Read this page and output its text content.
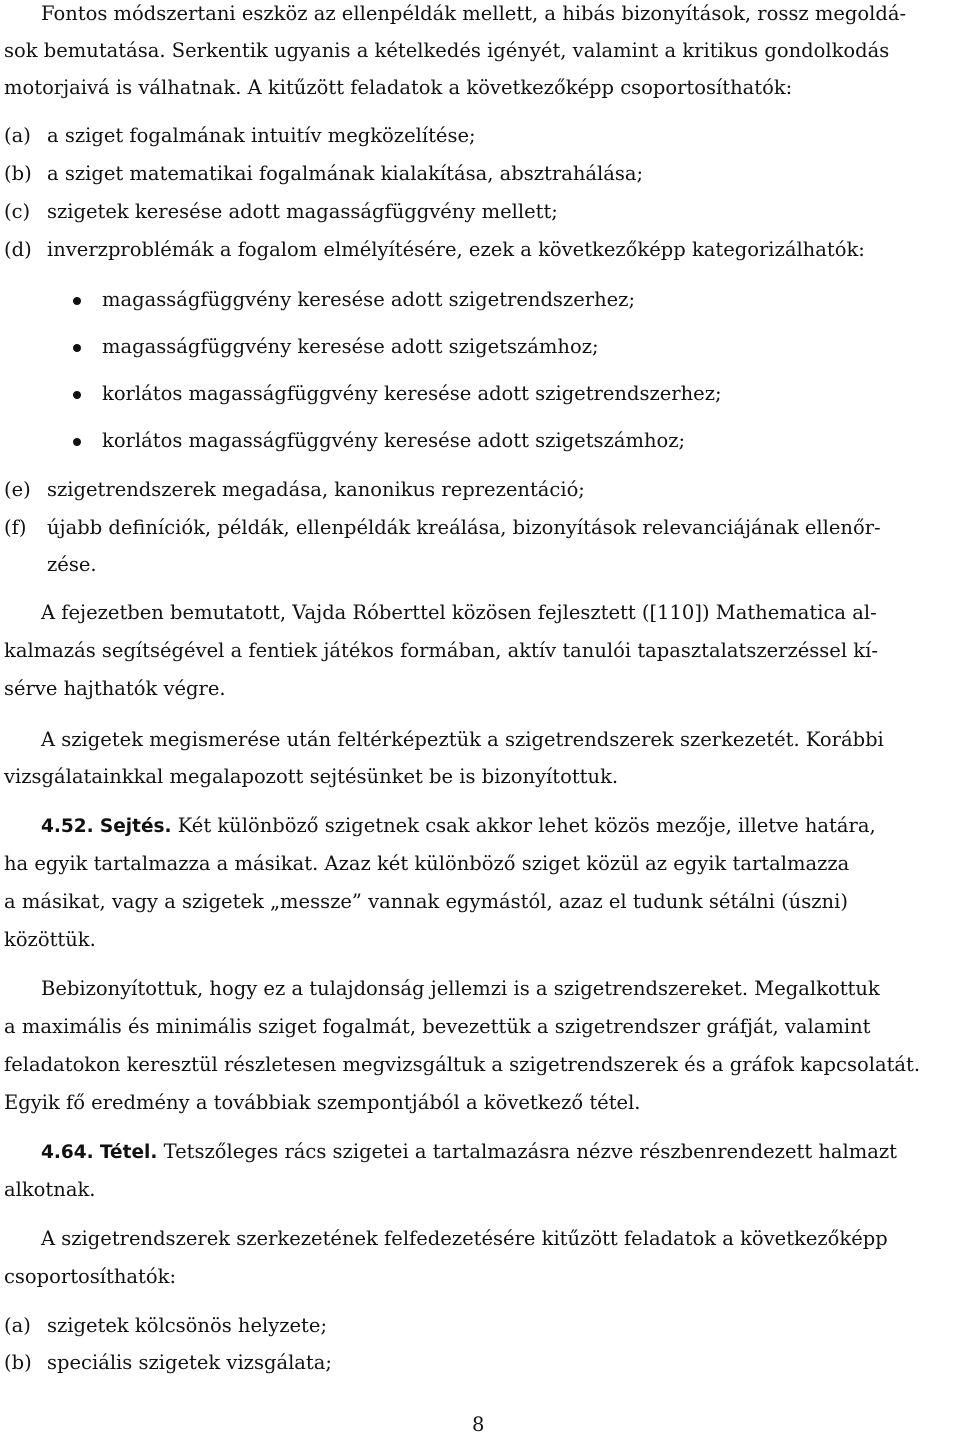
Fontos módszertani eszköz az ellenpéldák mellett, a hibás bizonyítások, rossz megoldá-
sok bemutatása. Serkentik ugyanis a kételkedés igényét, valamint a kritikus gondolkodás
motorjaivá is válhatnak. A kitűzött feladatok a következőképp csoportosíthatók:
(a) a sziget fogalmának intuitív megközelítése;
(b) a sziget matematikai fogalmának kialakítása, absztrahálása;
(c) szigetek keresése adott magasságfüggvény mellett;
(d) inverzproblémák a fogalom elmélyítésére, ezek a következőképp kategorizálhatók:
magasságfüggvény keresése adott szigetrendszerhez;
magasságfüggvény keresése adott szigetszámhoz;
korlátos magasságfüggvény keresése adott szigetrendszerhez;
korlátos magasságfüggvény keresése adott szigetszámhoz;
(e) szigetrendszerek megadása, kanonikus reprezentáció;
(f) újabb definíciók, példák, ellenpéldák kreálása, bizonyítások relevanciájának ellenőr-
zése.
A fejezetben bemutatott, Vajda Róberttel közösen fejlesztett ([110]) Mathematica al-
kalmazás segítségével a fentiek játékos formában, aktív tanulói tapasztalatszerzéssel kí-
sérve hajthatók végre.
A szigetek megismerése után feltérképeztük a szigetrendszerek szerkezetét. Korábbi
vizsgálatainkkal megalapozott sejtésünket be is bizonyítottuk.
4.52. Sejtés. Két különböző szigetnek csak akkor lehet közös mezője, illetve határa,
ha egyik tartalmazza a másikat. Azaz két különböző sziget közül az egyik tartalmazza
a másikat, vagy a szigetek „messze” vannak egymástól, azaz el tudunk sétálni (úszni)
közöttük.
Bebizonyítottuk, hogy ez a tulajdonság jellemzi is a szigetrendszereket. Megalkottuk
a maximális és minimális sziget fogalmát, bevezettük a szigetrendszer gráfját, valamint
feladatokon keresztül részletesen megvizsgáltuk a szigetrendszerek és a gráfok kapcsolatát.
Egyik fő eredmény a továbbiak szempontjából a következő tétel.
4.64. Tétel. Tetszőleges rács szigetei a tartalmazásra nézve részbenrendezett halmazt
alkotnak.
A szigetrendszerek szerkezetének felfedezetésére kitűzött feladatok a következőképp
csoportosíthatók:
(a) szigetek kölcsönös helyzete;
(b) speciális szigetek vizsgálata;
8
